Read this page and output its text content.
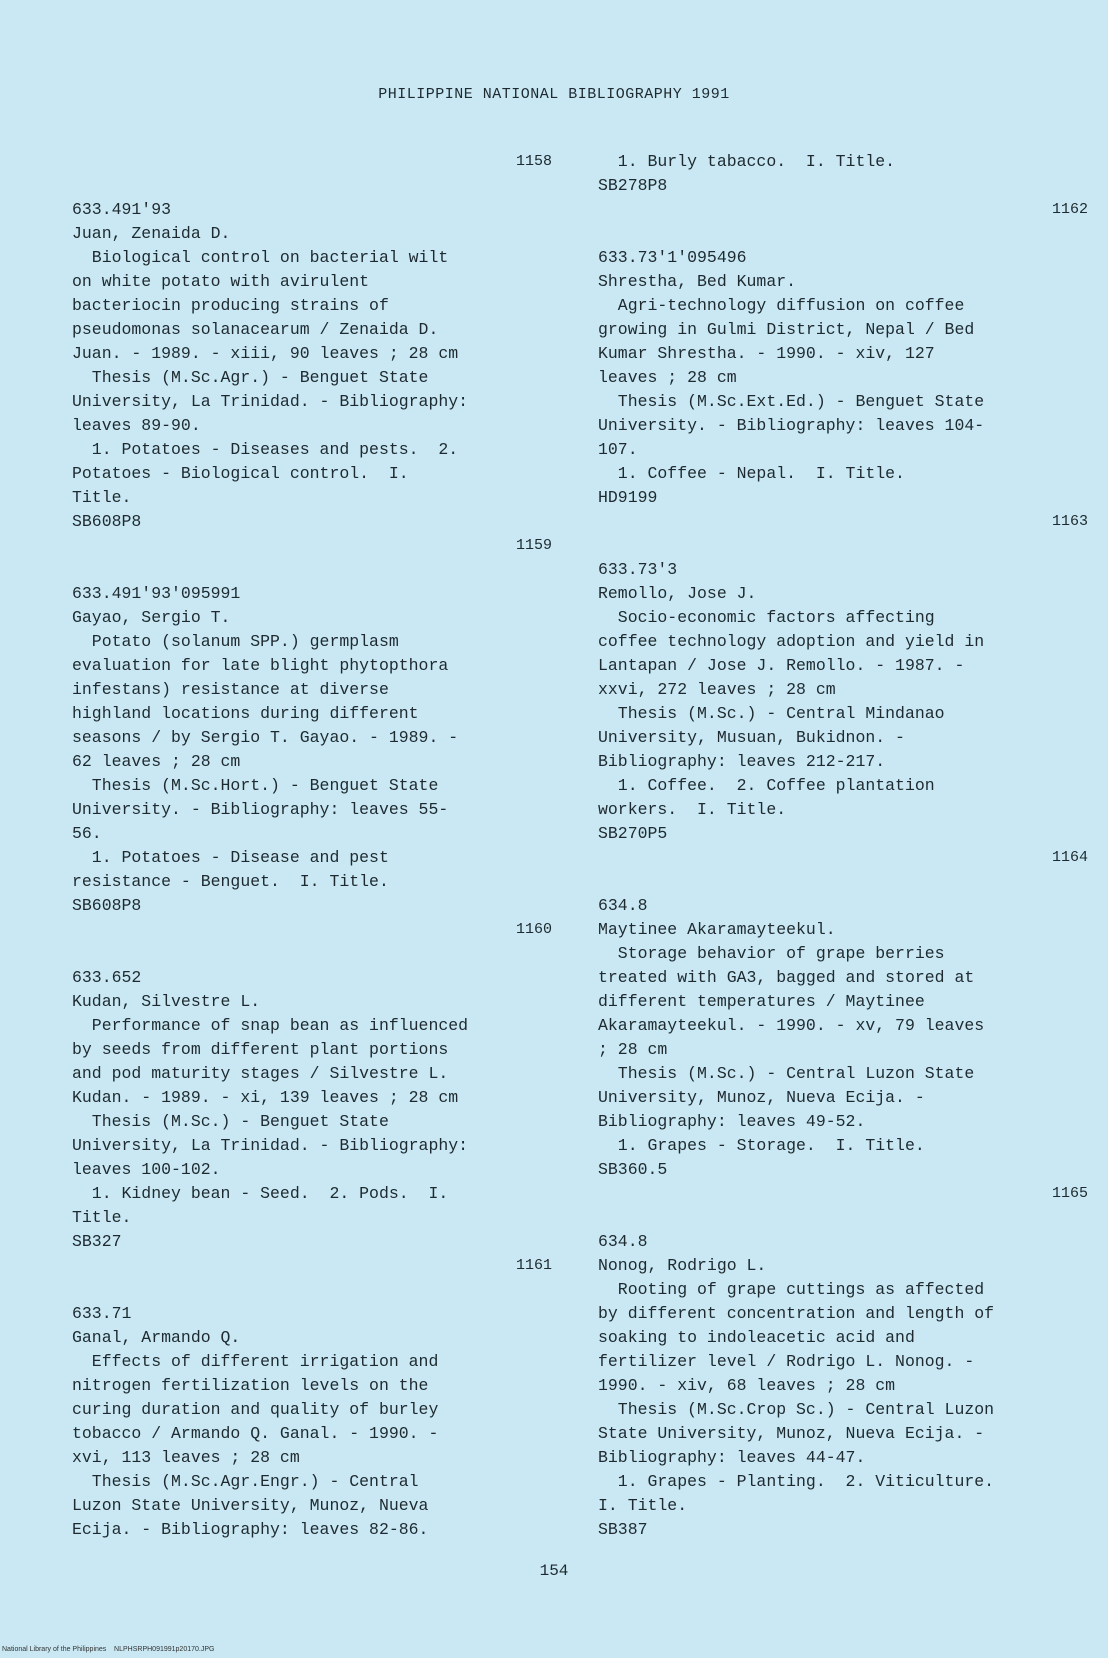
PHILIPPINE NATIONAL BIBLIOGRAPHY 1991
1158
633.491'93
Juan, Zenaida D.
Biological control on bacterial wilt
on white potato with avirulent
bacteriocin producing strains of
pseudomonas solanacearum / Zenaida D.
Juan. - 1989. - xiii, 90 leaves ; 28 cm
Thesis (M.Sc.Agr.) - Benguet State
University, La Trinidad. - Bibliography:
leaves 89-90.
1. Potatoes - Diseases and pests.  2.
Potatoes - Biological control.  I.
Title.
SB608P8
1159
633.491'93'095991
Gayao, Sergio T.
Potato (solanum SPP.) germplasm
evaluation for late blight phytopthora
infestans) resistance at diverse
highland locations during different
seasons / by Sergio T. Gayao. - 1989. -
62 leaves ; 28 cm
Thesis (M.Sc.Hort.) - Benguet State
University. - Bibliography: leaves 55-
56.
1. Potatoes - Disease and pest
resistance - Benguet.  I. Title.
SB608P8
1160
633.652
Kudan, Silvestre L.
Performance of snap bean as influenced
by seeds from different plant portions
and pod maturity stages / Silvestre L.
Kudan. - 1989. - xi, 139 leaves ; 28 cm
Thesis (M.Sc.) - Benguet State
University, La Trinidad. - Bibliography:
leaves 100-102.
1. Kidney bean - Seed.  2. Pods.  I.
Title.
SB327
1161
633.71
Ganal, Armando Q.
Effects of different irrigation and
nitrogen fertilization levels on the
curing duration and quality of burley
tobacco / Armando Q. Ganal. - 1990. -
xvi, 113 leaves ; 28 cm
Thesis (M.Sc.Agr.Engr.) - Central
Luzon State University, Munoz, Nueva
Ecija. - Bibliography: leaves 82-86.
1. Burly tabacco.  I. Title.
SB278P8
1162
633.73'1'095496
Shrestha, Bed Kumar.
Agri-technology diffusion on coffee
growing in Gulmi District, Nepal / Bed
Kumar Shrestha. - 1990. - xiv, 127
leaves ; 28 cm
Thesis (M.Sc.Ext.Ed.) - Benguet State
University. - Bibliography: leaves 104-
107.
1. Coffee - Nepal.  I. Title.
HD9199
1163
633.73'3
Remollo, Jose J.
Socio-economic factors affecting
coffee technology adoption and yield in
Lantapan / Jose J. Remollo. - 1987. -
xxvi, 272 leaves ; 28 cm
Thesis (M.Sc.) - Central Mindanao
University, Musuan, Bukidnon. -
Bibliography: leaves 212-217.
1. Coffee.  2. Coffee plantation
workers.  I. Title.
SB270P5
1164
634.8
Maytinee Akaramayteekul.
Storage behavior of grape berries
treated with GA3, bagged and stored at
different temperatures / Maytinee
Akaramayteekul. - 1990. - xv, 79 leaves
; 28 cm
Thesis (M.Sc.) - Central Luzon State
University, Munoz, Nueva Ecija. -
Bibliography: leaves 49-52.
1. Grapes - Storage.  I. Title.
SB360.5
1165
634.8
Nonog, Rodrigo L.
Rooting of grape cuttings as affected
by different concentration and length of
soaking to indoleacetic acid and
fertilizer level / Rodrigo L. Nonog. -
1990. - xiv, 68 leaves ; 28 cm
Thesis (M.Sc.Crop Sc.) - Central Luzon
State University, Munoz, Nueva Ecija. -
Bibliography: leaves 44-47.
1. Grapes - Planting.  2. Viticulture.
I. Title.
SB387
154
National Library of the Philippines    NLPHSRPH091991p20170.JPG
